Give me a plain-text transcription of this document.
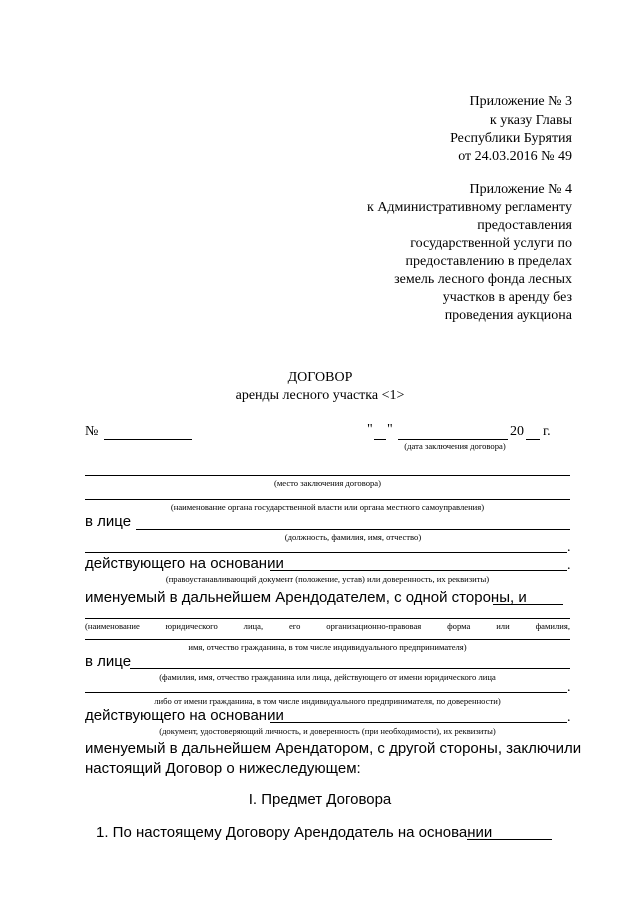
Приложение № 3
к указу Главы
Республики Бурятия
от 24.03.2016 № 49
Приложение № 4
к Административному регламенту
предоставления
государственной услуги по
предоставлению в пределах
земель лесного фонда лесных
участков в аренду без
проведения аукциона
ДОГОВОР
аренды лесного участка <1>
№	" "	20 г.
(дата заключения договора)
(место заключения договора)
(наименование органа государственной власти или органа местного самоуправления)
в лице
(должность, фамилия, имя, отчество)
.
действующего на основании	.
(правоустанавливающий документ (положение, устав) или доверенность, их реквизиты)
именуемый в дальнейшем Арендодателем, с одной стороны, и
(наименование юридического лица, его организационно-правовая форма или фамилия,
имя, отчество гражданина, в том числе индивидуального предпринимателя)
в лице
(фамилия, имя, отчество гражданина или лица, действующего от имени юридического лица
.
либо от имени гражданина, в том числе индивидуального предпринимателя, по доверенности)
действующего на основании	.
(документ, удостоверяющий личность, и доверенность (при необходимости), их реквизиты)
именуемый в дальнейшем Арендатором, с другой стороны, заключили
настоящий Договор о нижеследующем:
I. Предмет Договора
1. По настоящему Договору Арендодатель на основании
